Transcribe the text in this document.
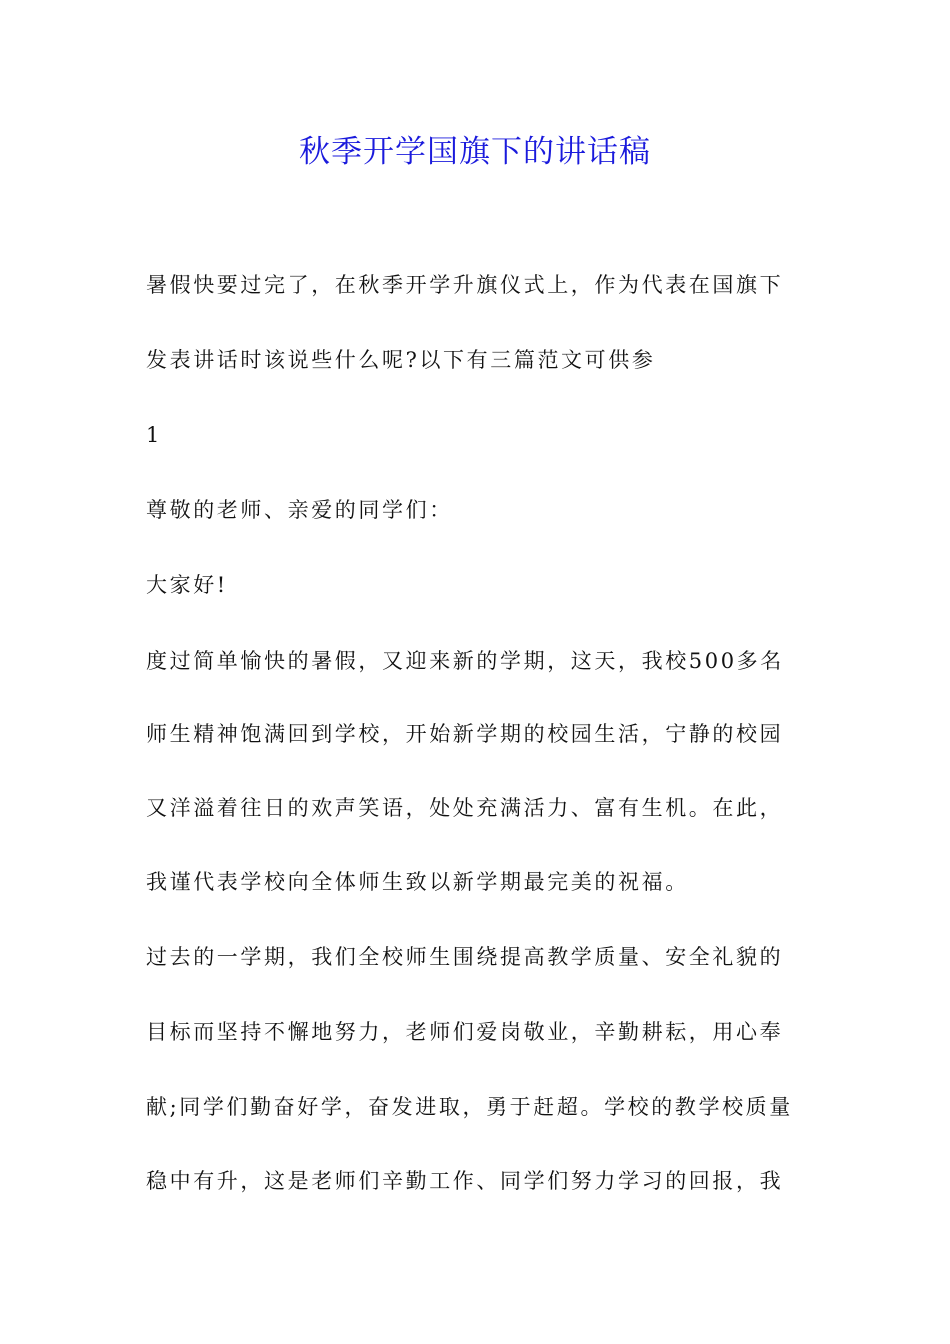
秋季开学国旗下的讲话稿
暑假快要过完了，在秋季开学升旗仪式上，作为代表在国旗下
发表讲话时该说些什么呢?以下有三篇范文可供参
1
尊敬的老师、亲爱的同学们：
大家好!
度过简单愉快的暑假，又迎来新的学期，这天，我校500多名
师生精神饱满回到学校，开始新学期的校园生活，宁静的校园
又洋溢着往日的欢声笑语，处处充满活力、富有生机。在此，
我谨代表学校向全体师生致以新学期最完美的祝福。
过去的一学期，我们全校师生围绕提高教学质量、安全礼貌的
目标而坚持不懈地努力，老师们爱岗敬业，辛勤耕耘，用心奉
献;同学们勤奋好学，奋发进取，勇于赶超。学校的教学校质量
稳中有升，这是老师们辛勤工作、同学们努力学习的回报，我
